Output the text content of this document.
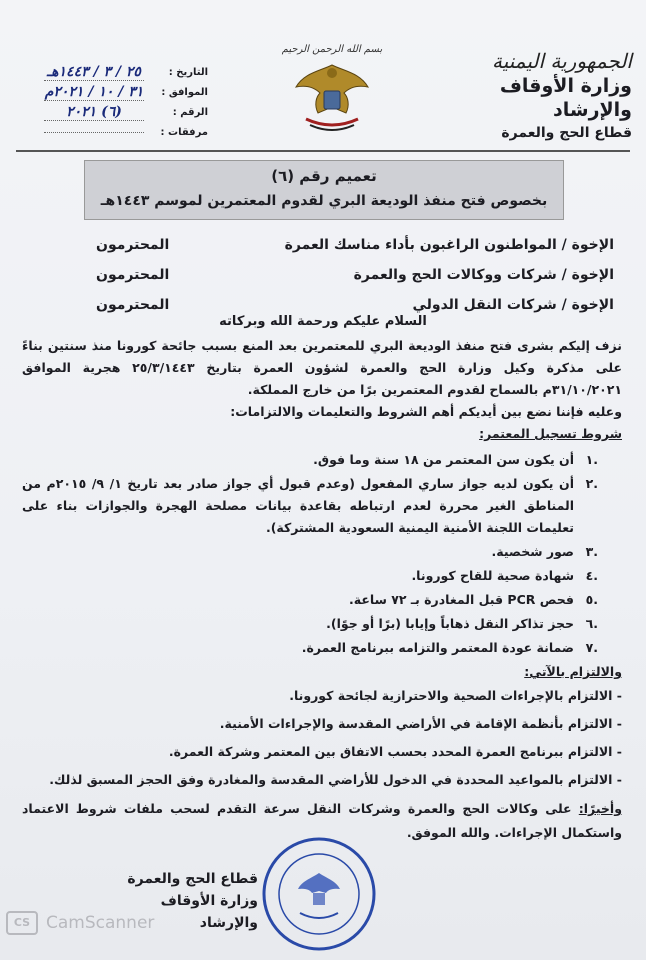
الجمهورية اليمنية
وزارة الأوقاف والإرشاد
قطاع الحج والعمرة
بسم الله الرحمن الرحيم
التاريخ :
٢٥ / ٣ / ١٤٤٣هـ
الموافق :
٣١ / ١٠ / ٢٠٢١م
الرقم :
(٦) ٢٠٢١
مرفقات :
تعميم رقم (٦)
بخصوص فتح منفذ الوديعة البري لقدوم المعتمرين لموسم ١٤٤٣هـ
الإخوة / المواطنون الراغبون بأداء مناسك العمرة
المحترمون
الإخوة / شركات ووكالات الحج والعمرة
المحترمون
الإخوة / شركات النقل الدولي
المحترمون
السلام عليكم ورحمة الله وبركاته

نزف إليكم بشرى فتح منفذ الوديعة البري للمعتمرين بعد المنع بسبب جائحة كورونا منذ سنتين بناءً على مذكرة وكيل وزارة الحج والعمرة لشؤون العمرة بتاريخ ٢٥/٣/١٤٤٣ هجرية الموافق ٣١/١٠/٢٠٢١م بالسماح لقدوم المعتمرين برًا من خارج المملكة.

وعليه فإننا نضع بين أيديكم أهم الشروط والتعليمات والالتزامات:

شروط تسجيل المعتمر:
.١
أن يكون سن المعتمر من ١٨ سنة وما فوق.
.٢
أن يكون لديه جواز ساري المفعول (وعدم قبول أي جواز صادر بعد تاريخ ١/ ٩/ ٢٠١٥م من المناطق الغير محررة لعدم ارتباطه بقاعدة بيانات مصلحة الهجرة والجوازات بناء على تعليمات اللجنة الأمنية اليمنية السعودية المشتركة).
.٣
صور شخصية.
.٤
شهادة صحية للقاح كورونا.
.٥
فحص PCR قبل المغادرة بـ ٧٢ ساعة.
.٦
حجز تذاكر النقل ذهاباً وإيابا (برًا أو جوًا).
.٧
ضمانة عودة المعتمر والتزامه ببرنامج العمرة.
والالتزام بالآتي:
- الالتزام بالإجراءات الصحية والاحترازية لجائحة كورونا.
- الالتزام بأنظمة الإقامة في الأراضي المقدسة والإجراءات الأمنية.
- الالتزام ببرنامج العمرة المحدد بحسب الاتفاق بين المعتمر وشركة العمرة.
- الالتزام بالمواعيد المحددة في الدخول للأراضي المقدسة والمغادرة وفق الحجز المسبق لذلك.
وأخيرًا: على وكالات الحج والعمرة وشركات النقل سرعة التقدم لسحب ملفات شروط الاعتماد واستكمال الإجراءات. والله الموفق.
قطاع الحج والعمرة
وزارة الأوقاف والإرشاد
CS CamScanner
